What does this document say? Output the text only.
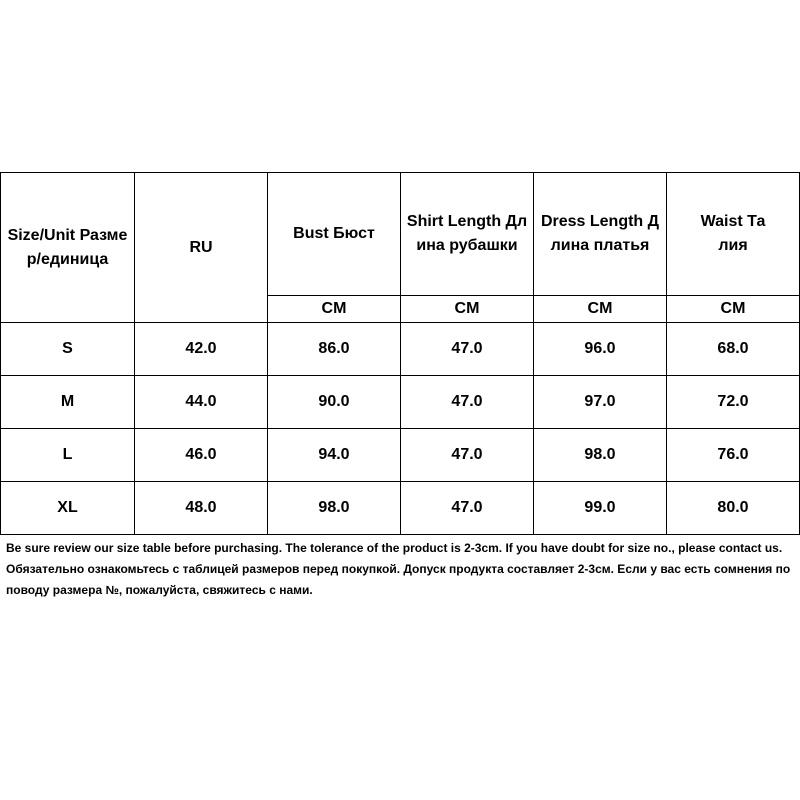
Size/Unit Размер/единица	RU	Bust Бюст	Shirt Length Длина рубашки	Dress Length Длина платья	Waist Талия

		CM	CM	CM	CM
S	42.0	86.0	47.0	96.0	68.0
M	44.0	90.0	47.0	97.0	72.0
L	46.0	94.0	47.0	98.0	76.0
XL	48.0	98.0	47.0	99.0	80.0

Be sure review our size table before purchasing. The tolerance of the product is 2-3cm. If you have doubt for size no., please contact us.

Обязательно ознакомьтесь с таблицей размеров перед покупкой. Допуск продукта составляет 2-3см. Если у вас есть сомнения по поводу размера №, пожалуйста, свяжитесь с нами.
